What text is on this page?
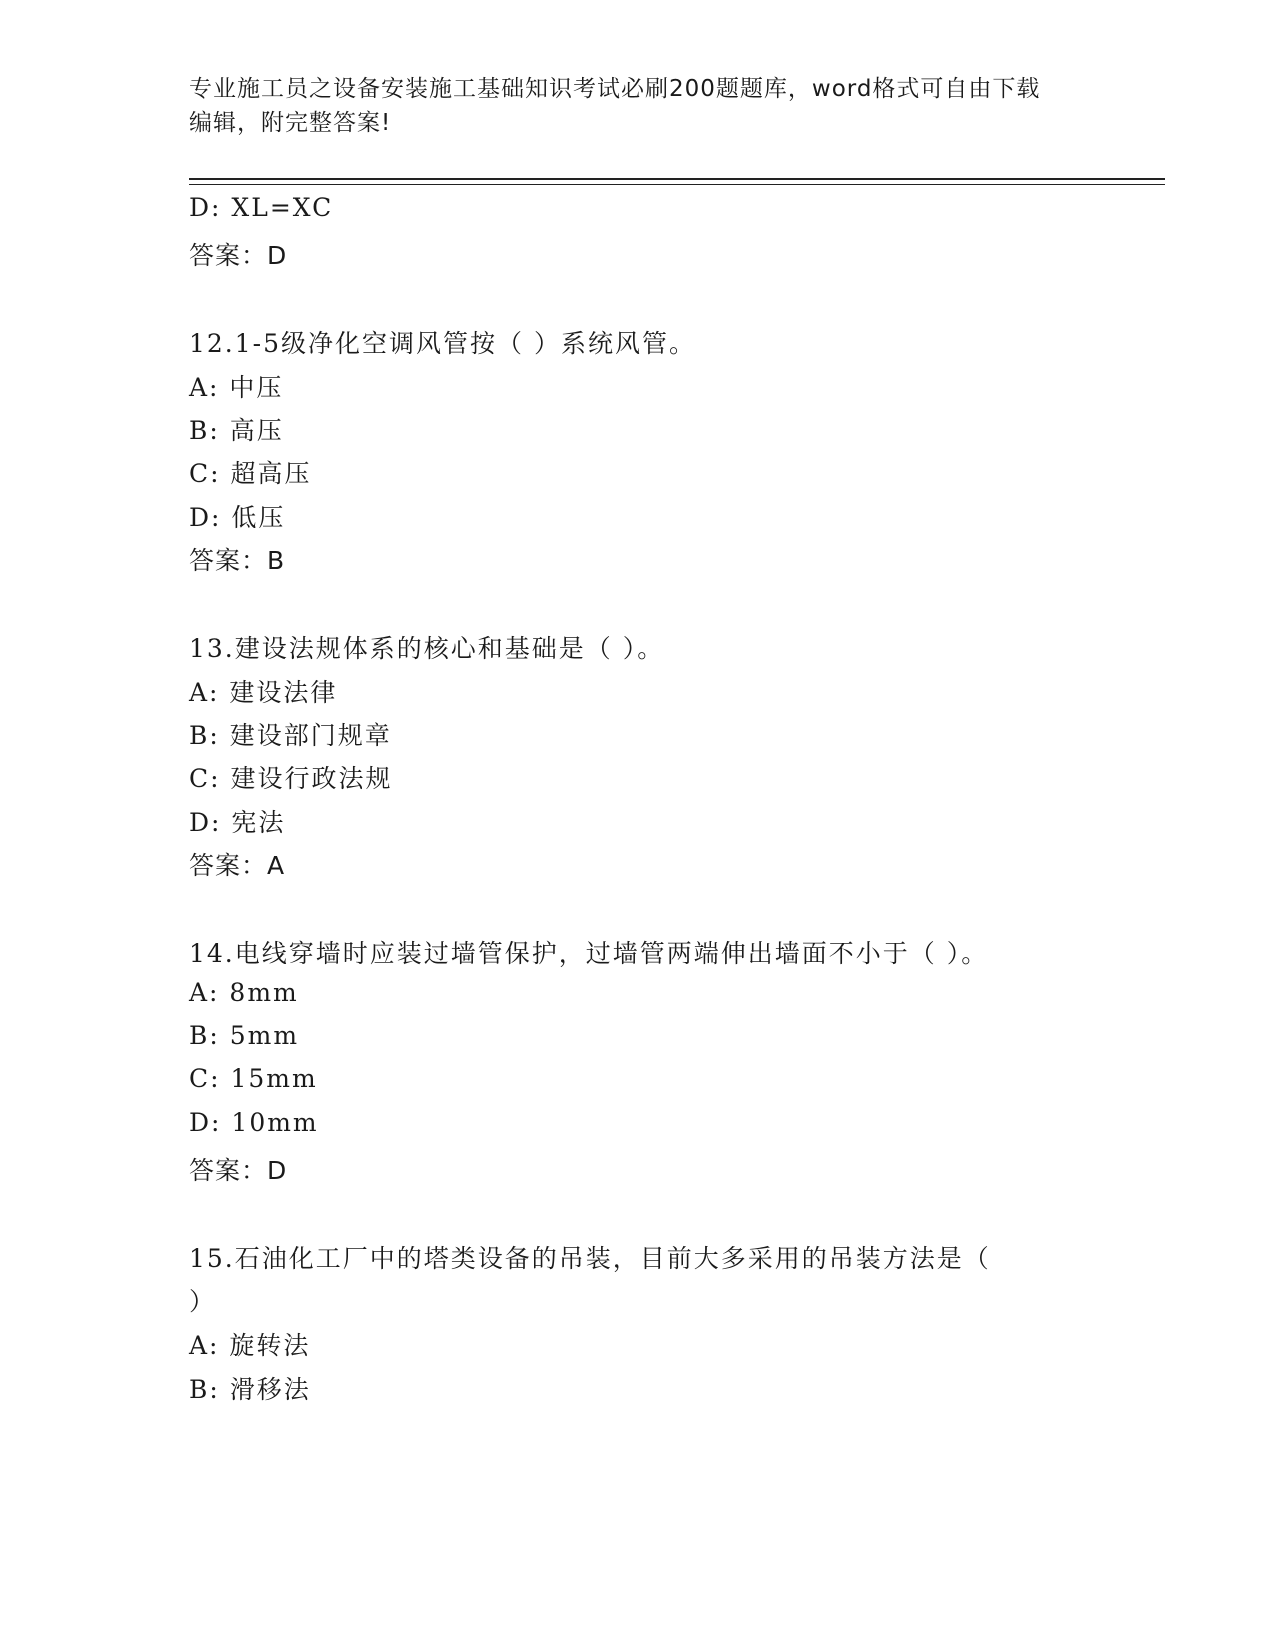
专业施工员之设备安装施工基础知识考试必刷200题题库，word格式可自由下载
编辑，附完整答案!
D: XL=XC
答案：D
12.1-5级净化空调风管按（ ）系统风管。
A: 中压
B: 高压
C: 超高压
D: 低压
答案：B
13.建设法规体系的核心和基础是（ ）。
A: 建设法律
B: 建设部门规章
C: 建设行政法规
D: 宪法
答案：A
14.电线穿墙时应装过墙管保护，过墙管两端伸出墙面不小于（ ）。
A: 8mm
B: 5mm
C: 15mm
D: 10mm
答案：D
15.石油化工厂中的塔类设备的吊装，目前大多采用的吊装方法是（
）
A: 旋转法
B: 滑移法
